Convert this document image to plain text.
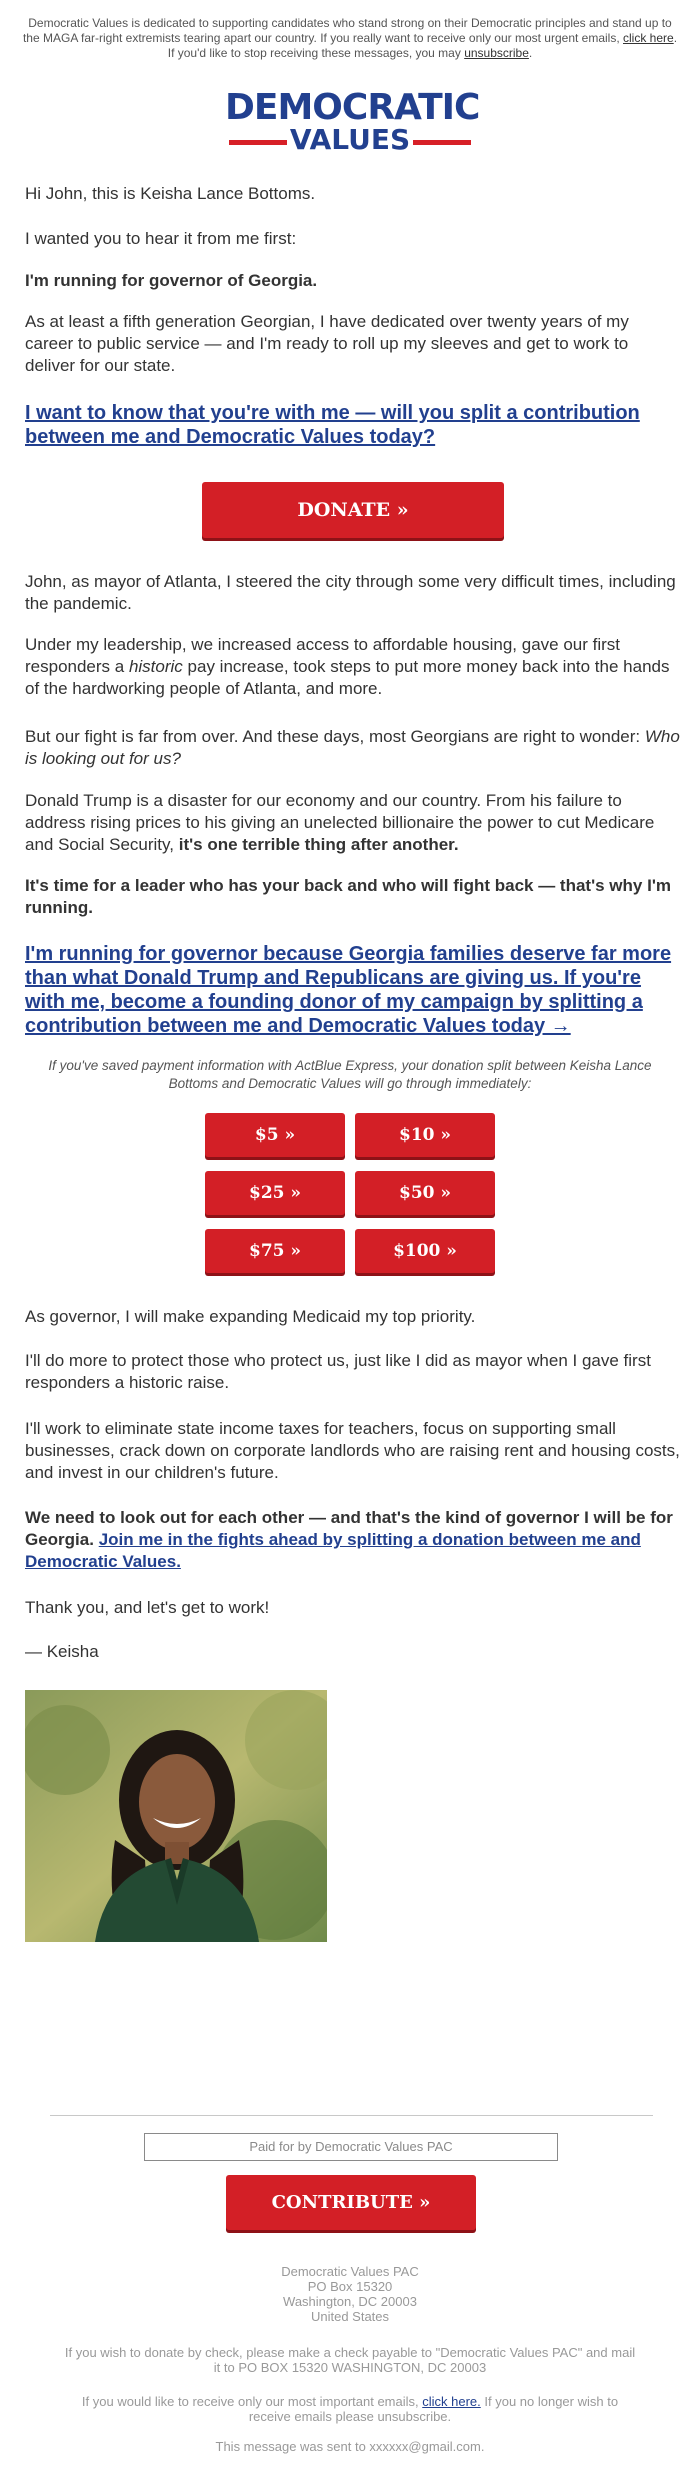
Democratic Values is dedicated to supporting candidates who stand strong on their Democratic principles and stand up to the MAGA far-right extremists tearing apart our country. If you really want to receive only our most urgent emails, click here. If you'd like to stop receiving these messages, you may unsubscribe.
DEMOCRATIC
VALUES

Hi John, this is Keisha Lance Bottoms.

I wanted you to hear it from me first:

I'm running for governor of Georgia.

As at least a fifth generation Georgian, I have dedicated over twenty years of my career to public service — and I'm ready to roll up my sleeves and get to work to deliver for our state.

I want to know that you're with me — will you split a contribution between me and Democratic Values today?
DONATE »

John, as mayor of Atlanta, I steered the city through some very difficult times, including the pandemic.

Under my leadership, we increased access to affordable housing, gave our first responders a historic pay increase, took steps to put more money back into the hands of the hardworking people of Atlanta, and more.

But our fight is far from over. And these days, most Georgians are right to wonder: Who is looking out for us?

Donald Trump is a disaster for our economy and our country. From his failure to address rising prices to his giving an unelected billionaire the power to cut Medicare and Social Security, it's one terrible thing after another.

It's time for a leader who has your back and who will fight back — that's why I'm running.

I'm running for governor because Georgia families deserve far more than what Donald Trump and Republicans are giving us. If you're with me, become a founding donor of my campaign by splitting a contribution between me and Democratic Values today →
If you've saved payment information with ActBlue Express, your donation split between Keisha Lance Bottoms and Democratic Values will go through immediately:
$5 »	$10 »
$25 »	$50 »
$75 »	$100 »

As governor, I will make expanding Medicaid my top priority.

I'll do more to protect those who protect us, just like I did as mayor when I gave first responders a historic raise.

I'll work to eliminate state income taxes for teachers, focus on supporting small businesses, crack down on corporate landlords who are raising rent and housing costs, and invest in our children's future.

We need to look out for each other — and that's the kind of governor I will be for Georgia. Join me in the fights ahead by splitting a donation between me and Democratic Values.

Thank you, and let's get to work!

— Keisha

Paid for by Democratic Values PAC
CONTRIBUTE »
Democratic Values PAC
PO Box 15320
Washington, DC 20003
United States
If you wish to donate by check, please make a check payable to "Democratic Values PAC" and mail it to PO BOX 15320 WASHINGTON, DC 20003
If you would like to receive only our most important emails, click here. If you no longer wish to receive emails please unsubscribe.
This message was sent to xxxxxx@gmail.com.
